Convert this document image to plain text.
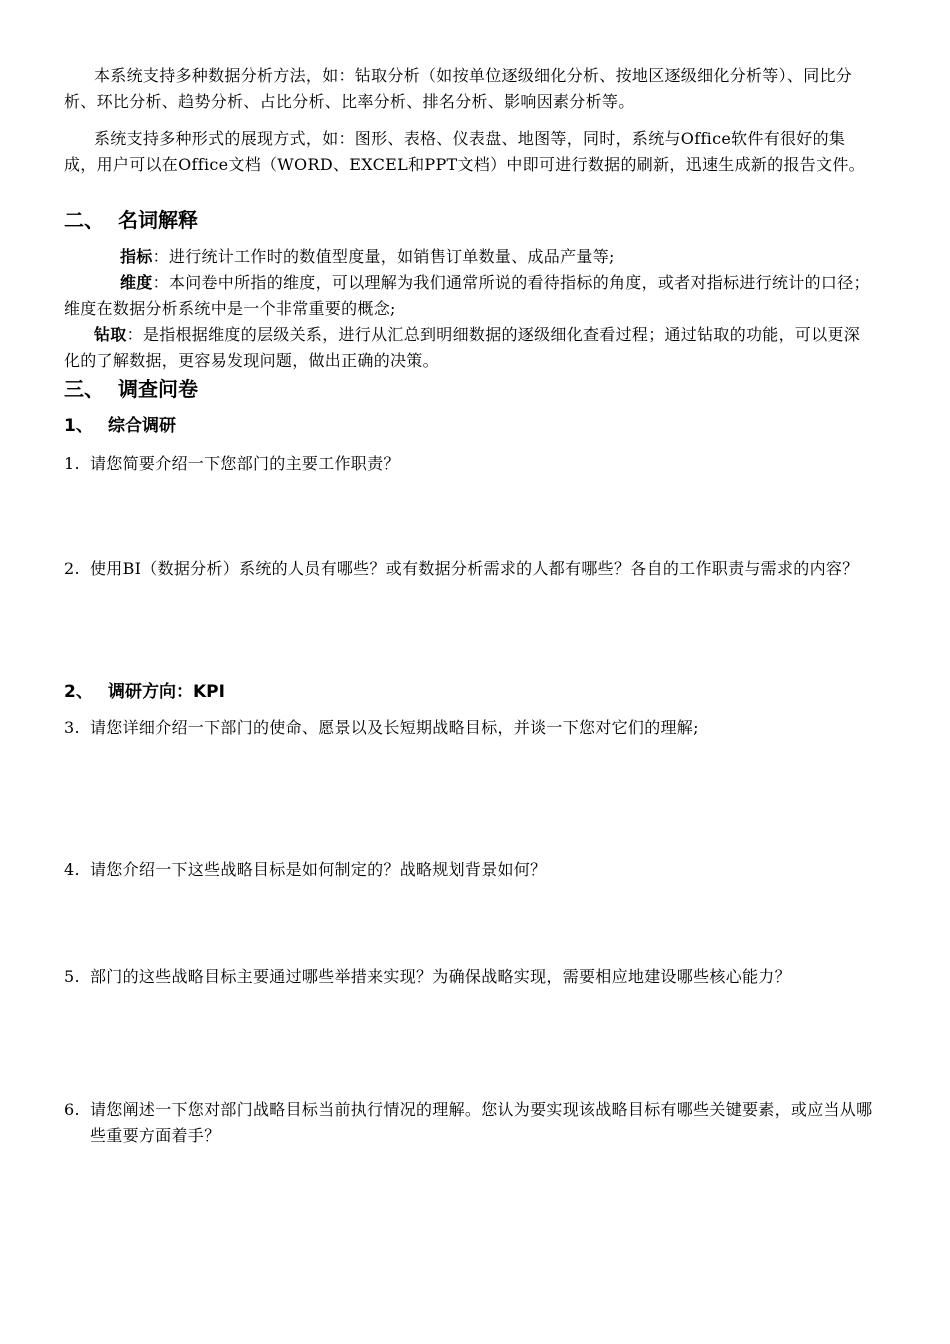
本系统支持多种数据分析方法，如：钻取分析（如按单位逐级细化分析、按地区逐级细化分析等）、同比分析、环比分析、趋势分析、占比分析、比率分析、排名分析、影响因素分析等。

系统支持多种形式的展现方式，如：图形、表格、仪表盘、地图等，同时，系统与Office软件有很好的集成，用户可以在Office文档（WORD、EXCEL和PPT文档）中即可进行数据的刷新，迅速生成新的报告文件。

二、 名词解释

指标：进行统计工作时的数值型度量，如销售订单数量、成品产量等;

维度：本问卷中所指的维度，可以理解为我们通常所说的看待指标的角度，或者对指标进行统计的口径；维度在数据分析系统中是一个非常重要的概念;

钻取：是指根据维度的层级关系，进行从汇总到明细数据的逐级细化查看过程；通过钻取的功能，可以更深化的了解数据，更容易发现问题，做出正确的决策。

三、 调查问卷
1、 综合调研
1. 请您简要介绍一下您部门的主要工作职责？
2. 使用BI（数据分析）系统的人员有哪些？或有数据分析需求的人都有哪些？各自的工作职责与需求的内容？
2、 调研方向：KPI
3. 请您详细介绍一下部门的使命、愿景以及长短期战略目标，并谈一下您对它们的理解;
4. 请您介绍一下这些战略目标是如何制定的？战略规划背景如何？
5. 部门的这些战略目标主要通过哪些举措来实现？为确保战略实现，需要相应地建设哪些核心能力？
6. 请您阐述一下您对部门战略目标当前执行情况的理解。您认为要实现该战略目标有哪些关键要素，或应当从哪些重要方面着手？
